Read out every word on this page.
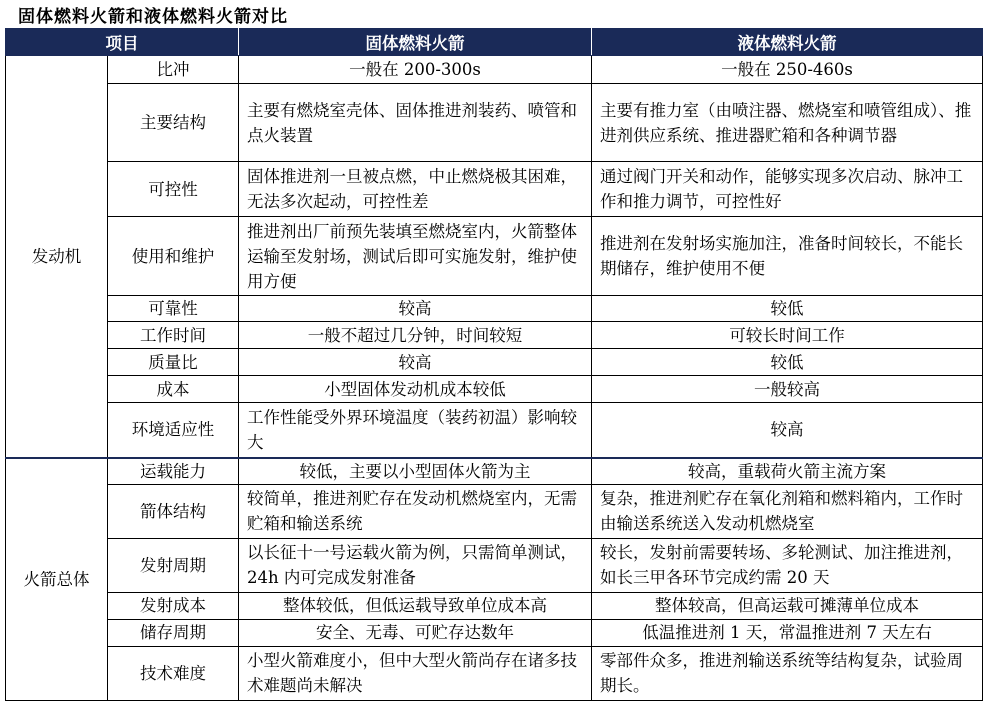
固体燃料火箭和液体燃料火箭对比
项目		固体燃料火箭	液体燃料火箭
发动机	比冲	一般在 200-300s	一般在 250-460s
	主要结构	主要有燃烧室壳体、固体推进剂装药、喷管和点火装置	主要有推力室（由喷注器、燃烧室和喷管组成）、推进剂供应系统、推进器贮箱和各种调节器
	可控性	固体推进剂一旦被点燃，中止燃烧极其困难，无法多次起动，可控性差	通过阀门开关和动作，能够实现多次启动、脉冲工作和推力调节，可控性好
	使用和维护	推进剂出厂前预先装填至燃烧室内，火箭整体运输至发射场，测试后即可实施发射，维护使用方便	推进剂在发射场实施加注，准备时间较长，不能长期储存，维护使用不便
	可靠性	较高	较低
	工作时间	一般不超过几分钟，时间较短	可较长时间工作
	质量比	较高	较低
	成本	小型固体发动机成本较低	一般较高
	环境适应性	工作性能受外界环境温度（装药初温）影响较大	较高
火箭总体	运载能力	较低，主要以小型固体火箭为主	较高，重载荷火箭主流方案
	箭体结构	较简单，推进剂贮存在发动机燃烧室内，无需贮箱和输送系统	复杂，推进剂贮存在氧化剂箱和燃料箱内，工作时由输送系统送入发动机燃烧室
	发射周期	以长征十一号运载火箭为例，只需简单测试，24h 内可完成发射准备	较长，发射前需要转场、多轮测试、加注推进剂，如长三甲各环节完成约需 20 天
	发射成本	整体较低，但低运载导致单位成本高	整体较高，但高运载可摊薄单位成本
	储存周期	安全、无毒、可贮存达数年	低温推进剂 1 天，常温推进剂 7 天左右
	技术难度	小型火箭难度小，但中大型火箭尚存在诸多技术难题尚未解决	零部件众多，推进剂输送系统等结构复杂，试验周期长。
